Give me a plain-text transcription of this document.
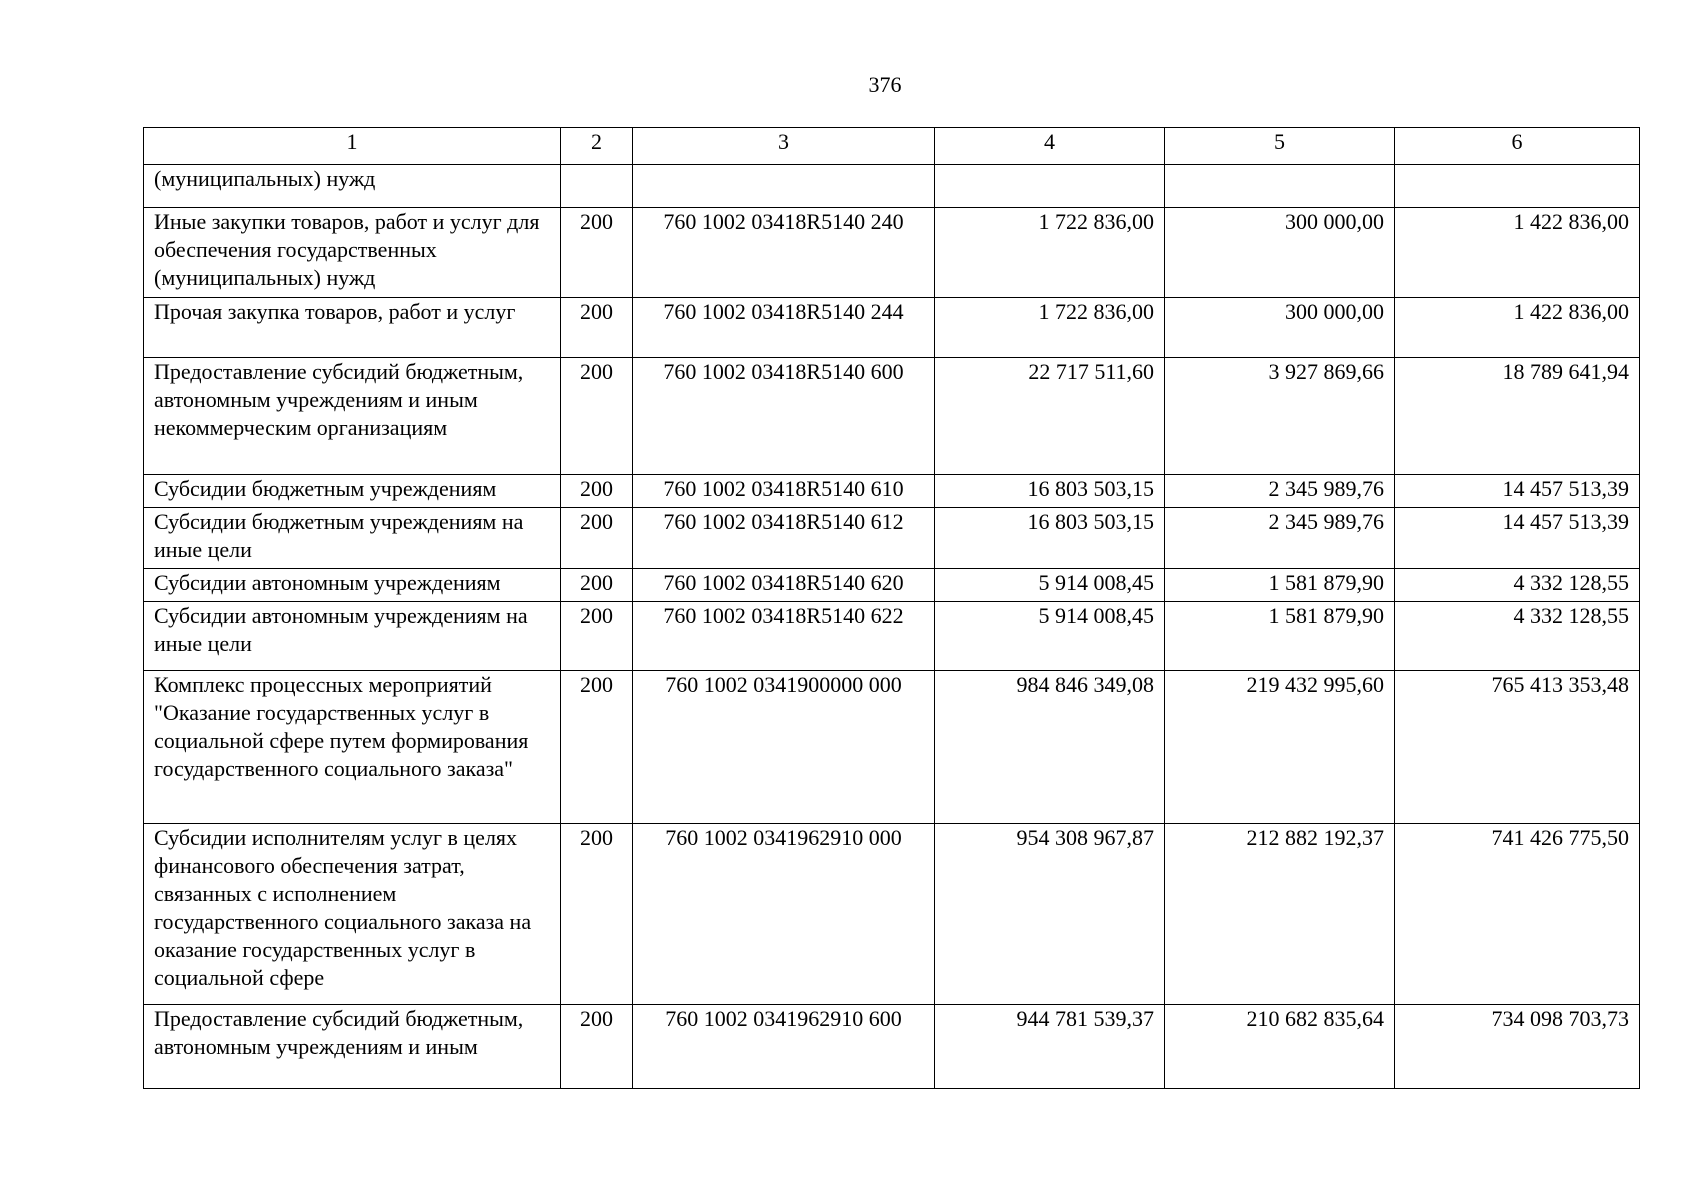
376
1	2	3	4	5	6
(муниципальных) нужд					
Иные закупки товаров, работ и услуг для обеспечения государственных (муниципальных) нужд	200	760 1002 03418R5140 240	1 722 836,00	300 000,00	1 422 836,00
Прочая закупка товаров, работ и услуг	200	760 1002 03418R5140 244	1 722 836,00	300 000,00	1 422 836,00
Предоставление субсидий бюджетным, автономным учреждениям и иным некоммерческим организациям	200	760 1002 03418R5140 600	22 717 511,60	3 927 869,66	18 789 641,94
Субсидии бюджетным учреждениям	200	760 1002 03418R5140 610	16 803 503,15	2 345 989,76	14 457 513,39
Субсидии бюджетным учреждениям на иные цели	200	760 1002 03418R5140 612	16 803 503,15	2 345 989,76	14 457 513,39
Субсидии автономным учреждениям	200	760 1002 03418R5140 620	5 914 008,45	1 581 879,90	4 332 128,55
Субсидии автономным учреждениям на иные цели	200	760 1002 03418R5140 622	5 914 008,45	1 581 879,90	4 332 128,55
Комплекс процессных мероприятий "Оказание государственных услуг в социальной сфере путем формирования государственного социального заказа"	200	760 1002 0341900000 000	984 846 349,08	219 432 995,60	765 413 353,48
Субсидии исполнителям услуг в целях финансового обеспечения затрат, связанных с исполнением государственного социального заказа на оказание государственных услуг в социальной сфере	200	760 1002 0341962910 000	954 308 967,87	212 882 192,37	741 426 775,50
Предоставление субсидий бюджетным, автономным учреждениям и иным	200	760 1002 0341962910 600	944 781 539,37	210 682 835,64	734 098 703,73
